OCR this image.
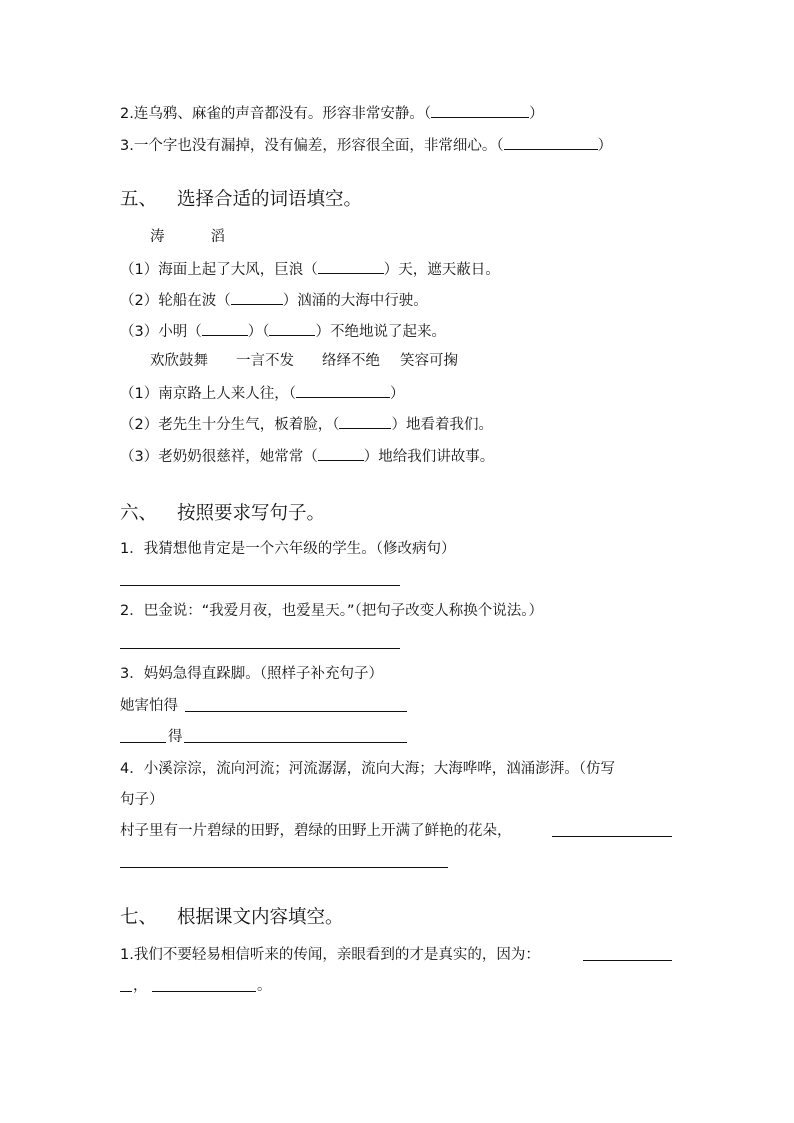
2.连乌鸦、麻雀的声音都没有。形容非常安静。（	）
3.一个字也没有漏掉，没有偏差，形容很全面，非常细心。（	）
五、 选择合适的词语填空。
涛	滔
（1）海面上起了大风，巨浪（	）天，遮天蔽日。
（2）轮船在波（	）汹涌的大海中行驶。
（3）小明（	）（	）不绝地说了起来。
欢欣鼓舞 一言不发 络绎不绝 笑容可掬
（1）南京路上人来人往，（	）
（2）老先生十分生气，板着脸，（	）地看着我们。
（3）老奶奶很慈祥，她常常（	）地给我们讲故事。
六、 按照要求写句子。
1．我猜想他肯定是一个六年级的学生。（修改病句）
2．巴金说：“我爱月夜，也爱星天。”（把句子改变人称换个说法。）
3．妈妈急得直跺脚。（照样子补充句子）
她害怕得
得
4．小溪淙淙，流向河流；河流潺潺，流向大海；大海哗哗，汹涌澎湃。（仿写
句子）
村子里有一片碧绿的田野，碧绿的田野上开满了鲜艳的花朵，
七、 根据课文内容填空。
1.我们不要轻易相信听来的传闻，亲眼看到的才是真实的，因为：
，	。
